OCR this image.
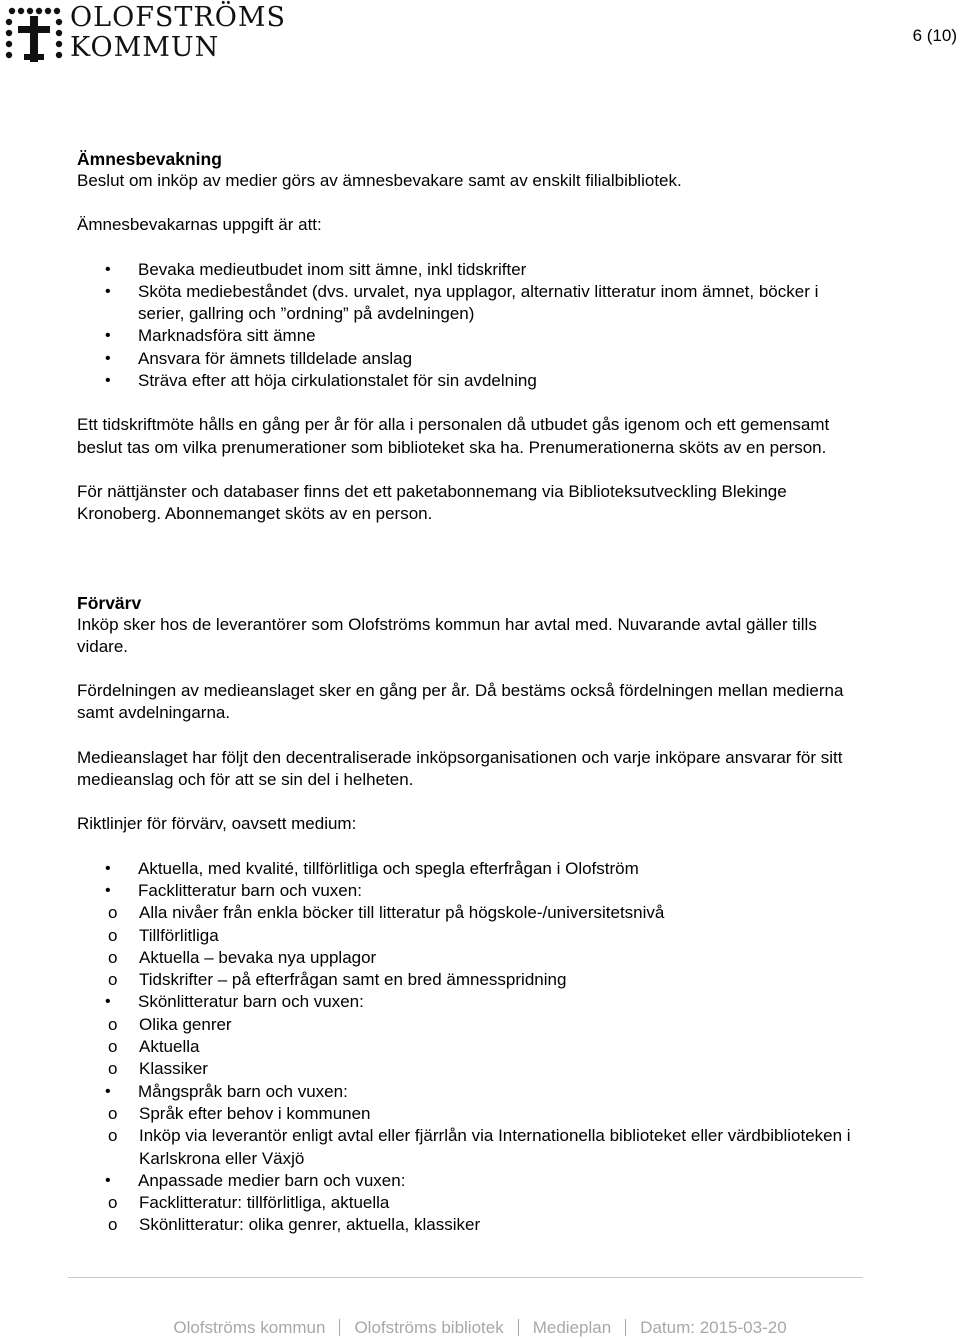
OLOFSTRÖMS
KOMMUN	6 (10)
Ämnesbevakning

Beslut om inköp av medier görs av ämnesbevakare samt av enskilt filialbibliotek.

Ämnesbevakarnas uppgift är att:

• Bevaka medieutbudet inom sitt ämne, inkl tidskrifter
• Sköta mediebeståndet (dvs. urvalet, nya upplagor, alternativ litteratur inom ämnet, böcker i serier, gallring och ”ordning” på avdelningen)
• Marknadsföra sitt ämne
• Ansvara för ämnets tilldelade anslag
• Sträva efter att höja cirkulationstalet för sin avdelning

Ett tidskriftmöte hålls en gång per år för alla i personalen då utbudet gås igenom och ett gemensamt beslut tas om vilka prenumerationer som biblioteket ska ha. Prenumerationerna sköts av en person.

För nättjänster och databaser finns det ett paketabonnemang via Biblioteksutveckling Blekinge Kronoberg. Abonnemanget sköts av en person.

Förvärv

Inköp sker hos de leverantörer som Olofströms kommun har avtal med. Nuvarande avtal gäller tills vidare.

Fördelningen av medieanslaget sker en gång per år. Då bestäms också fördelningen mellan medierna samt avdelningarna.

Medieanslaget har följt den decentraliserade inköpsorganisationen och varje inköpare ansvarar för sitt medieanslag och för att se sin del i helheten.

Riktlinjer för förvärv, oavsett medium:

• Aktuella, med kvalité, tillförlitliga och spegla efterfrågan i Olofström
• Facklitteratur barn och vuxen:
o Alla nivåer från enkla böcker till litteratur på högskole-/universitetsnivå
o Tillförlitliga
o Aktuella – bevaka nya upplagor
o Tidskrifter – på efterfrågan samt en bred ämnesspridning
• Skönlitteratur barn och vuxen:
o Olika genrer
o Aktuella
o Klassiker
• Mångspråk barn och vuxen:
o Språk efter behov i kommunen
o Inköp via leverantör enligt avtal eller fjärrlån via Internationella biblioteket eller värdbiblioteken i Karlskrona eller Växjö
• Anpassade medier barn och vuxen:
o Facklitteratur: tillförlitliga, aktuella
o Skönlitteratur: olika genrer, aktuella, klassiker
Olofströms kommun Olofströms bibliotek Medieplan Datum: 2015-03-20
